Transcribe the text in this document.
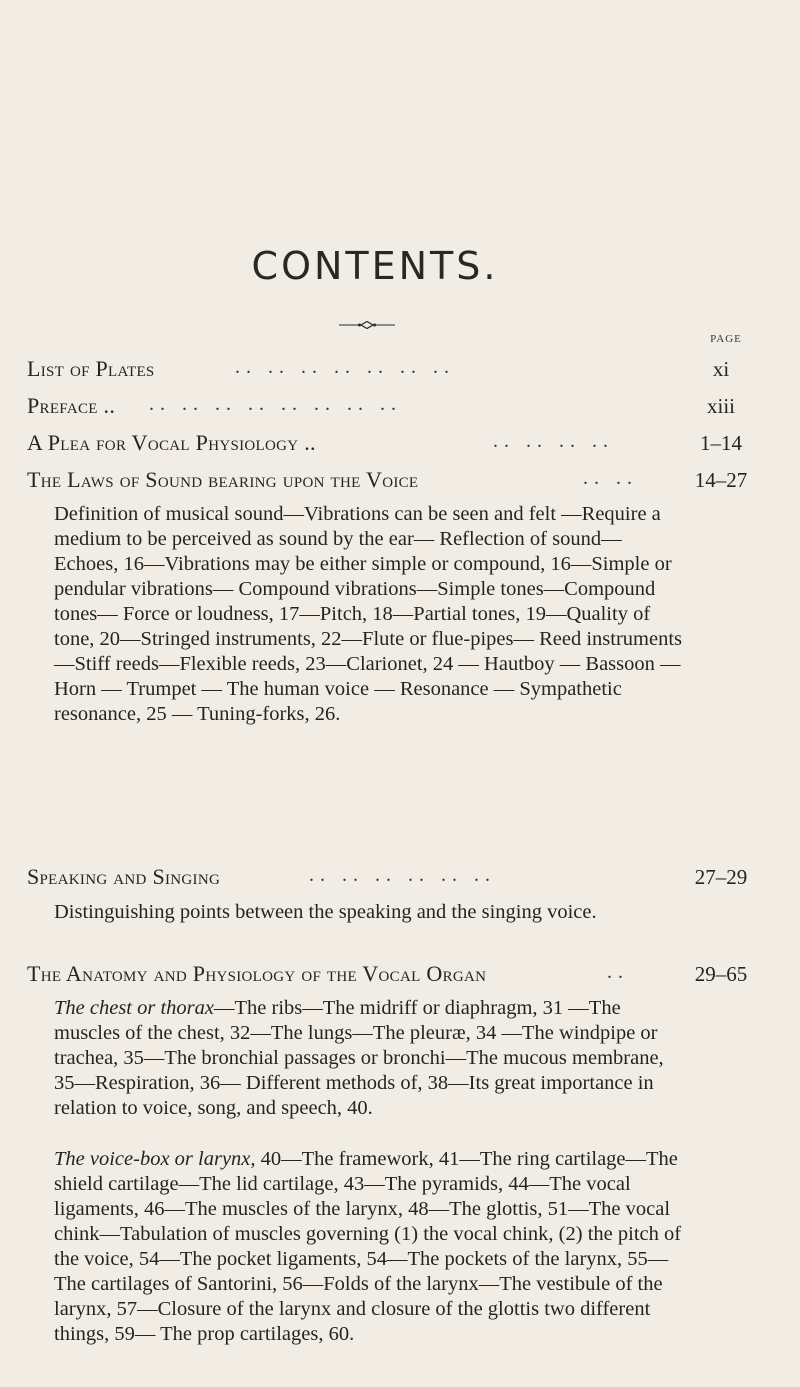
CONTENTS.
PAGE
List of Plates	.. .. .. .. .. .. ..	xi
Preface .. .. .. .. .. .. .. .. ..	xiii
A Plea for Vocal Physiology ..	.. .. .. ..	1–14
The Laws of Sound bearing upon the Voice	.. ..	14–27

Definition of musical sound—Vibrations can be seen and felt —Require a medium to be perceived as sound by the ear— Reflection of sound—Echoes, 16—Vibrations may be either simple or compound, 16—Simple or pendular vibrations— Compound vibrations—Simple tones—Compound tones— Force or loudness, 17—Pitch, 18—Partial tones, 19—Quality of tone, 20—Stringed instruments, 22—Flute or flue-pipes— Reed instruments—Stiff reeds—Flexible reeds, 23—Clarionet, 24 — Hautboy — Bassoon — Horn — Trumpet — The human voice — Resonance — Sympathetic resonance, 25 — Tuning-forks, 26.

Speaking and Singing	.. .. .. .. .. ..	27–29

Distinguishing points between the speaking and the singing voice.

The Anatomy and Physiology of the Vocal Organ	..	29–65

The chest or thorax—The ribs—The midriff or diaphragm, 31 —The muscles of the chest, 32—The lungs—The pleuræ, 34 —The windpipe or trachea, 35—The bronchial passages or bronchi—The mucous membrane, 35—Respiration, 36— Different methods of, 38—Its great importance in relation to voice, song, and speech, 40.

The voice-box or larynx, 40—The framework, 41—The ring cartilage—The shield cartilage—The lid cartilage, 43—The pyramids, 44—The vocal ligaments, 46—The muscles of the larynx, 48—The glottis, 51—The vocal chink—Tabulation of muscles governing (1) the vocal chink, (2) the pitch of the voice, 54—The pocket ligaments, 54—The pockets of the larynx, 55—The cartilages of Santorini, 56—Folds of the larynx—The vestibule of the larynx, 57—Closure of the larynx and closure of the glottis two different things, 59— The prop cartilages, 60.
